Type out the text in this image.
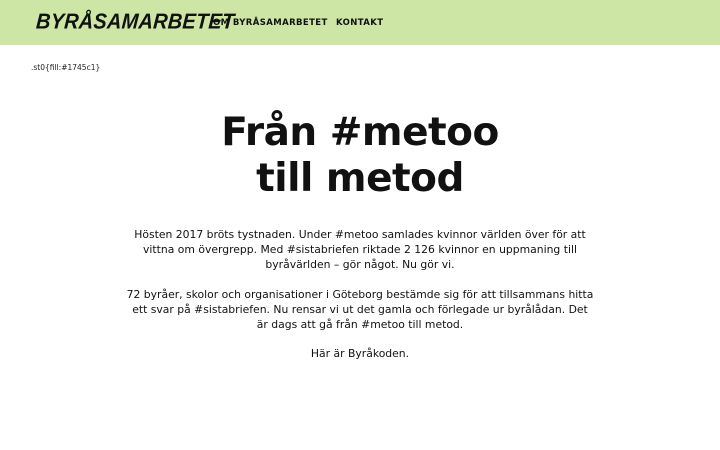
BYRÅSAMARBETET
OM BYRÅSAMARBETET KONTAKT
.st0{fill:#1745c1}
Från #metoo
till metod

Hösten 2017 bröts tystnaden. Under #metoo samlades kvinnor världen över för att vittna om övergrepp. Med #sistabriefen riktade 2 126 kvinnor en uppmaning till byråvärlden – gör något. Nu gör vi.

72 byråer, skolor och organisationer i Göteborg bestämde sig för att tillsammans hitta ett svar på #sistabriefen. Nu rensar vi ut det gamla och förlegade ur byrålådan. Det är dags att gå från #metoo till metod.

Här är Byråkoden.
